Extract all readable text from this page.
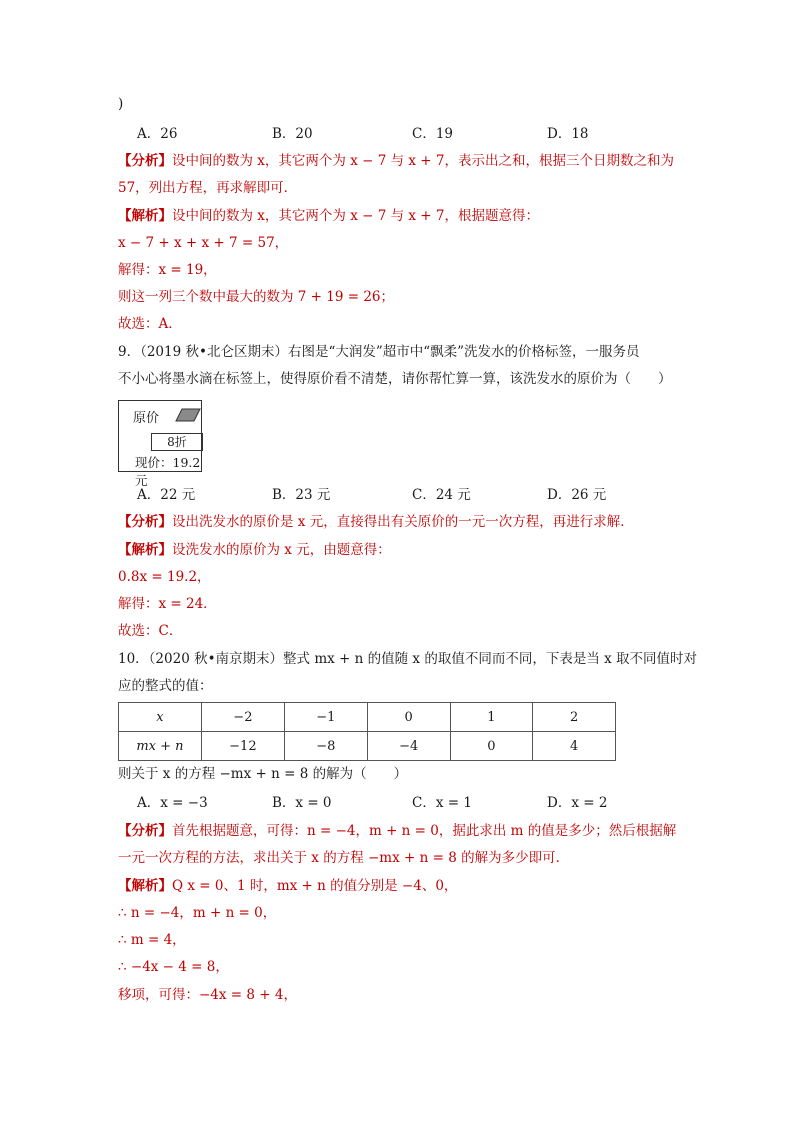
)
A．26	B．20	C．19	D．18
【分析】设中间的数为 x，其它两个为 x − 7 与 x + 7，表示出之和，根据三个日期数之和为
57，列出方程，再求解即可．
【解析】设中间的数为 x，其它两个为 x − 7 与 x + 7，根据题意得：
x − 7 + x + x + 7 = 57，
解得：x = 19，
则这一列三个数中最大的数为 7 + 19 = 26；
故选：A．
9．（2019 秋•北仑区期末）右图是“大润发”超市中“飘柔”洗发水的价格标签，一服务员
不小心将墨水滴在标签上，使得原价看不清楚，请你帮忙算一算，该洗发水的原价为（　　）
原价
8折
现价：19.2元
A．22 元	B．23 元	C．24 元	D．26 元
【分析】设出洗发水的原价是 x 元，直接得出有关原价的一元一次方程，再进行求解．
【解析】设洗发水的原价为 x 元，由题意得：
0.8x = 19.2，
解得：x = 24．
故选：C．
10．（2020 秋•南京期末）整式 mx + n 的值随 x 的取值不同而不同，下表是当 x 取不同值时对
应的整式的值：
x	−2	−1	0	1	2
mx + n	−12	−8	−4	0	4
则关于 x 的方程 −mx + n = 8 的解为（　　）
A．x = −3	B．x = 0	C．x = 1	D．x = 2
【分析】首先根据题意，可得：n = −4，m + n = 0，据此求出 m 的值是多少；然后根据解
一元一次方程的方法，求出关于 x 的方程 −mx + n = 8 的解为多少即可．
【解析】Q x = 0、1 时，mx + n 的值分别是 −4、0，
∴ n = −4，m + n = 0，
∴ m = 4，
∴ −4x − 4 = 8，
移项，可得：−4x = 8 + 4，
